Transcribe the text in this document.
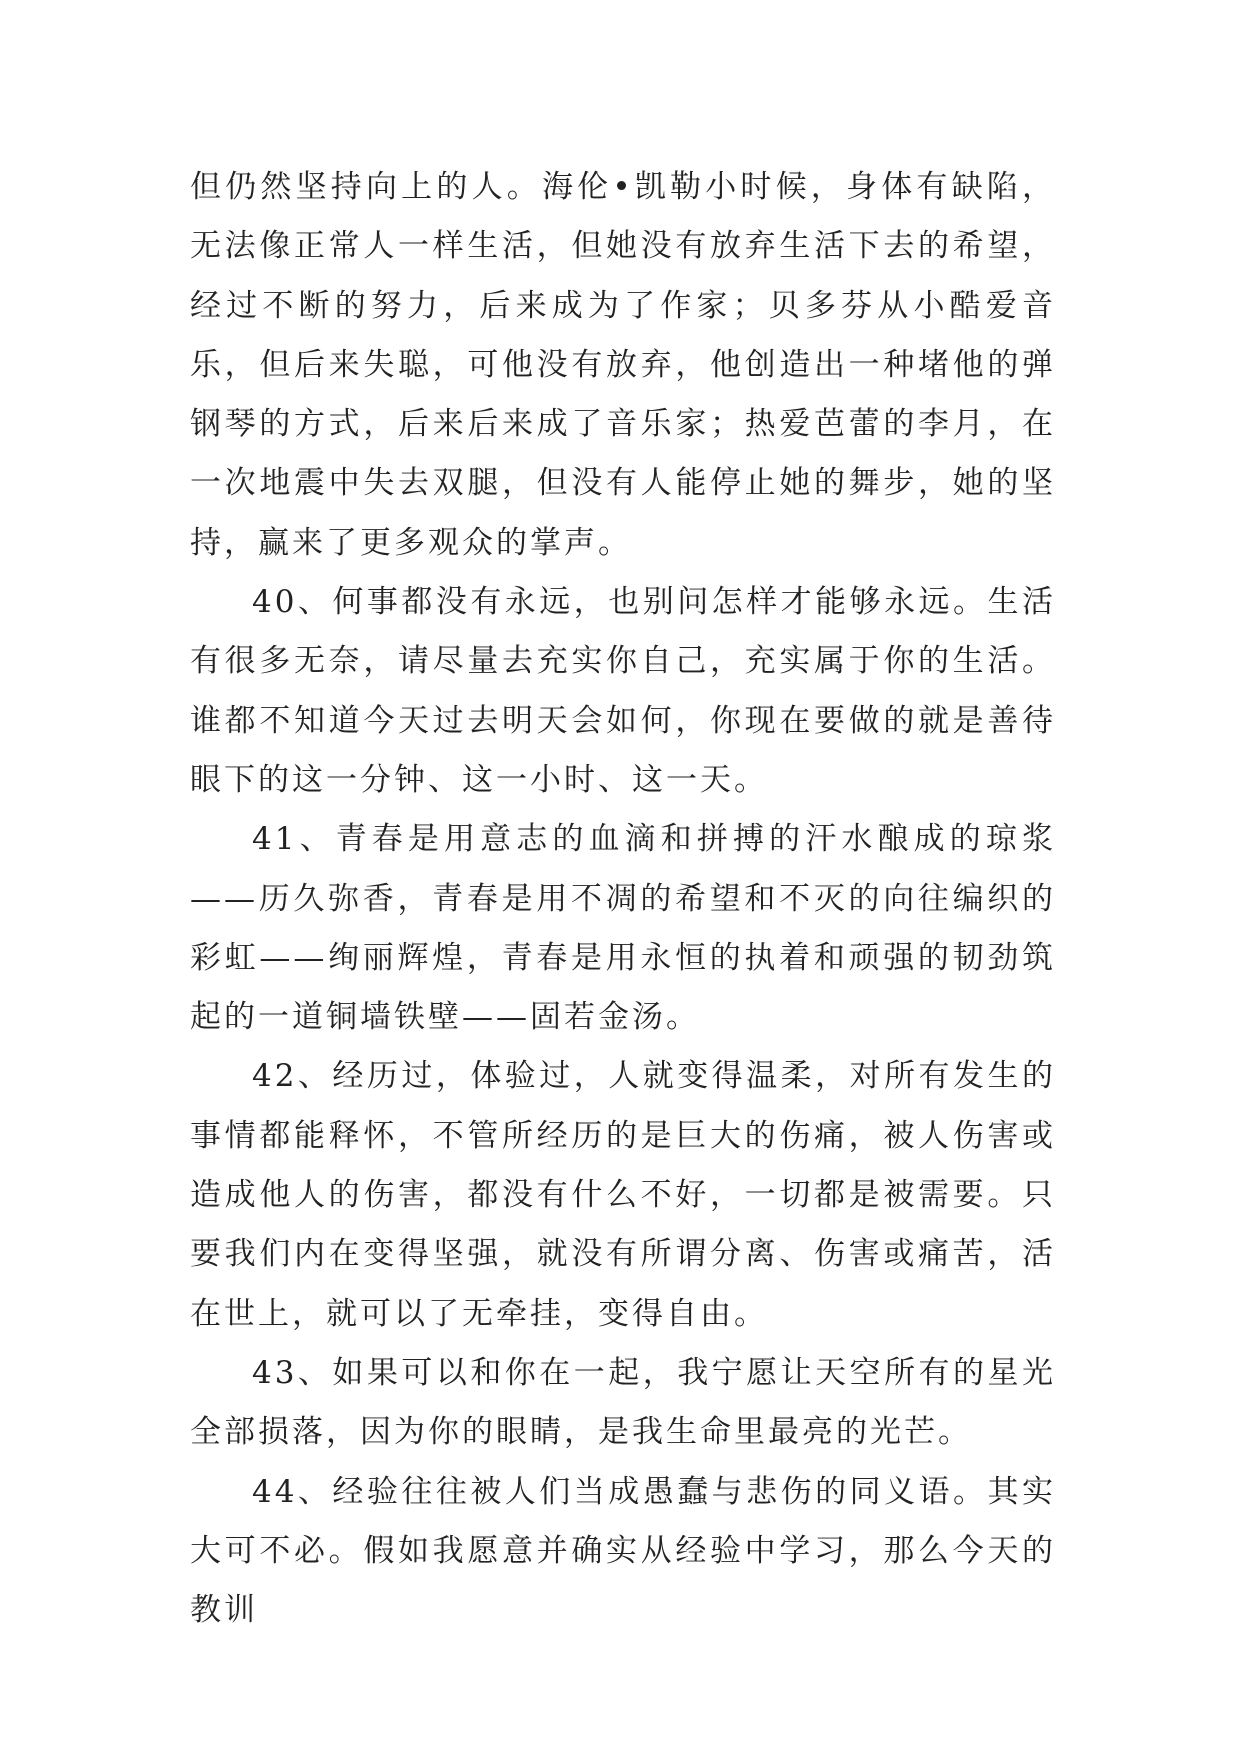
但仍然坚持向上的人。海伦•凯勒小时候，身体有缺陷，无法像正常人一样生活，但她没有放弃生活下去的希望，经过不断的努力，后来成为了作家；贝多芬从小酷爱音乐，但后来失聪，可他没有放弃，他创造出一种堵他的弹钢琴的方式，后来后来成了音乐家；热爱芭蕾的李月，在一次地震中失去双腿，但没有人能停止她的舞步，她的坚持，赢来了更多观众的掌声。

40、何事都没有永远，也别问怎样才能够永远。生活有很多无奈，请尽量去充实你自己，充实属于你的生活。谁都不知道今天过去明天会如何，你现在要做的就是善待眼下的这一分钟、这一小时、这一天。

41、青春是用意志的血滴和拼搏的汗水酿成的琼浆——历久弥香，青春是用不凋的希望和不灭的向往编织的彩虹——绚丽辉煌，青春是用永恒的执着和顽强的韧劲筑起的一道铜墙铁壁——固若金汤。

42、经历过，体验过，人就变得温柔，对所有发生的事情都能释怀，不管所经历的是巨大的伤痛，被人伤害或造成他人的伤害，都没有什么不好，一切都是被需要。只要我们内在变得坚强，就没有所谓分离、伤害或痛苦，活在世上，就可以了无牵挂，变得自由。

43、如果可以和你在一起，我宁愿让天空所有的星光全部损落，因为你的眼睛，是我生命里最亮的光芒。

44、经验往往被人们当成愚蠢与悲伤的同义语。其实大可不必。假如我愿意并确实从经验中学习，那么今天的教训
